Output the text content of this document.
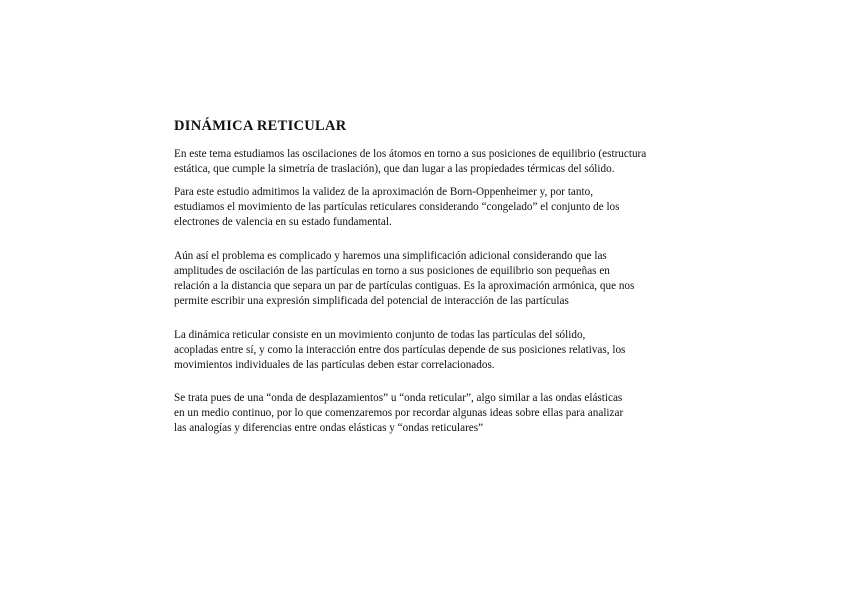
DINÁMICA RETICULAR

En este tema estudiamos las oscilaciones de los átomos en torno a sus posiciones de equilibrio (estructura
estática, que cumple la simetría de traslación), que dan lugar a las propiedades térmicas del sólido.

Para este estudio admitimos la validez de la aproximación de Born-Oppenheimer y, por tanto,
estudiamos el movimiento de las partículas reticulares considerando “congelado” el conjunto de los
electrones de valencia en su estado fundamental.

Aún así el problema es complicado y haremos una simplificación adicional considerando que las
amplitudes de oscilación de las partículas en torno a sus posiciones de equilibrio son pequeñas en
relación a la distancia que separa un par de partículas contiguas. Es la aproximación armónica, que nos
permite escribir una expresión simplificada del potencial de interacción de las partículas

La dinámica reticular consiste en un movimiento conjunto de todas las partículas del sólido,
acopladas entre sí, y como la interacción entre dos partículas depende de sus posiciones relativas, los
movimientos individuales de las partículas deben estar correlacionados.

Se trata pues de una “onda de desplazamientos” u “onda reticular”, algo similar a las ondas elásticas
en un medio continuo, por lo que comenzaremos por recordar algunas ideas sobre ellas para analizar
las analogías y diferencias entre ondas elásticas y “ondas reticulares”
